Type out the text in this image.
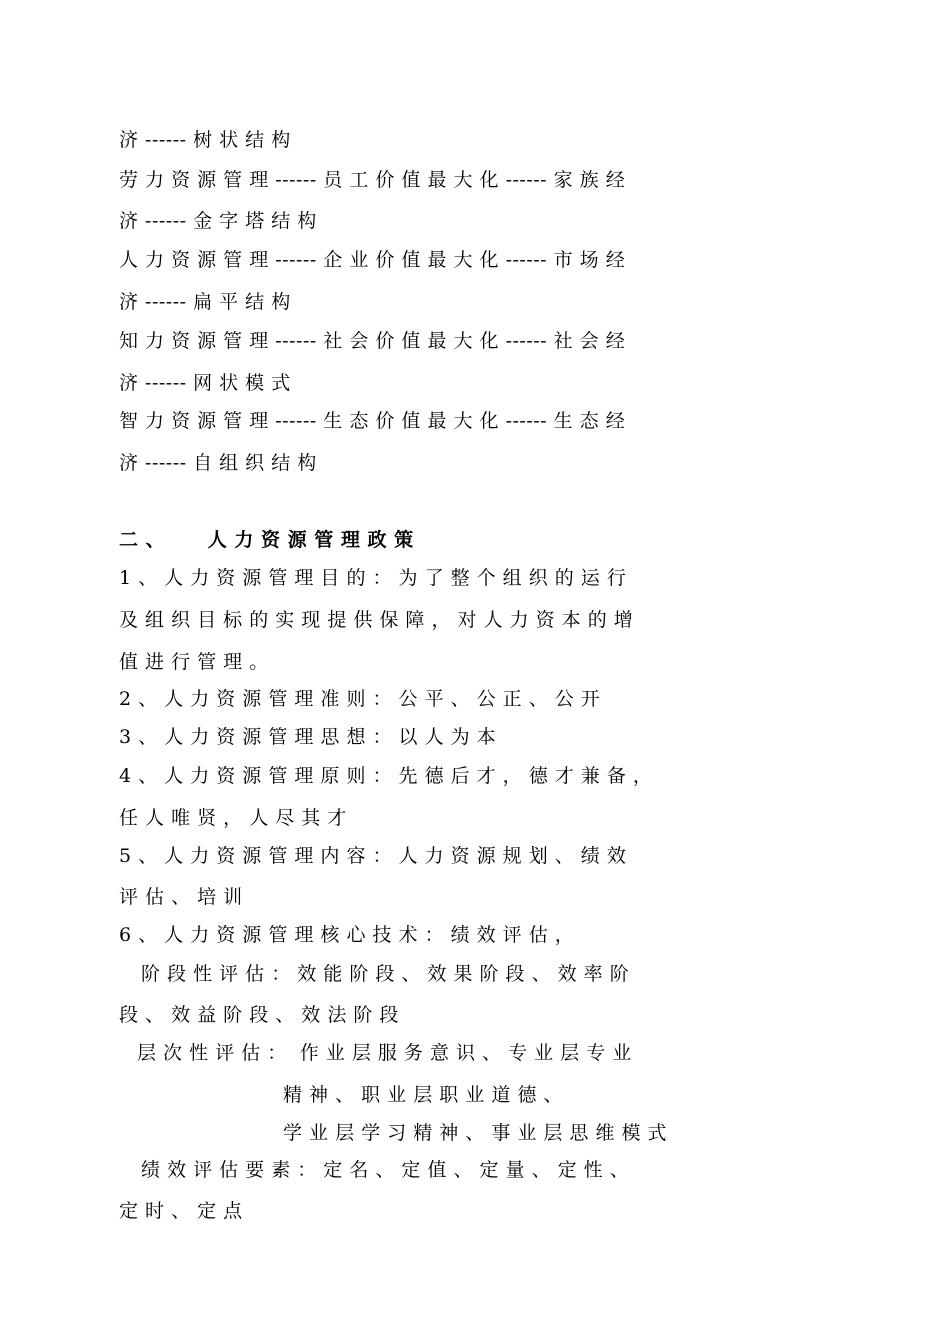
济 ------ 树 状 结 构
劳 力 资 源 管 理 ------ 员 工 价 值 最 大 化 ------ 家 族 经
济 ------ 金 字 塔 结 构
人 力 资 源 管 理 ------ 企 业 价 值 最 大 化 ------ 市 场 经
济 ------ 扁 平 结 构
知 力 资 源 管 理 ------ 社 会 价 值 最 大 化 ------ 社 会 经
济 ------ 网 状 模 式
智 力 资 源 管 理 ------ 生 态 价 值 最 大 化 ------ 生 态 经
济 ------ 自 组 织 结 构
二 、      人 力 资 源 管 理 政 策
1 、 人 力 资 源 管 理 目 的 ： 为 了 整 个 组 织 的 运 行
及 组 织 目 标 的 实 现 提 供 保 障 ， 对 人 力 资 本 的 增
值 进 行 管 理 。
2 、 人 力 资 源 管 理 准 则 ： 公 平 、 公 正 、 公 开
3 、 人 力 资 源 管 理 思 想 ： 以 人 为 本
4 、 人 力 资 源 管 理 原 则 ： 先 德 后 才 ， 德 才 兼 备 ，
任 人 唯 贤 ， 人 尽 其 才
5 、 人 力 资 源 管 理 内 容 ： 人 力 资 源 规 划 、 绩 效
评 估 、 培 训
6 、 人 力 资 源 管 理 核 心 技 术 ： 绩 效 评 估 ，
阶 段 性 评 估 ： 效 能 阶 段 、 效 果 阶 段 、 效 率 阶
段 、 效 益 阶 段 、 效 法 阶 段
层 次 性 评 估 ：  作 业 层 服 务 意 识 、 专 业 层 专 业
精 神 、 职 业 层 职 业 道 德 、
学 业 层 学 习 精 神 、 事 业 层 思 维 模 式
绩 效 评 估 要 素 ： 定 名 、 定 值 、 定 量 、 定 性 、
定 时 、 定 点
